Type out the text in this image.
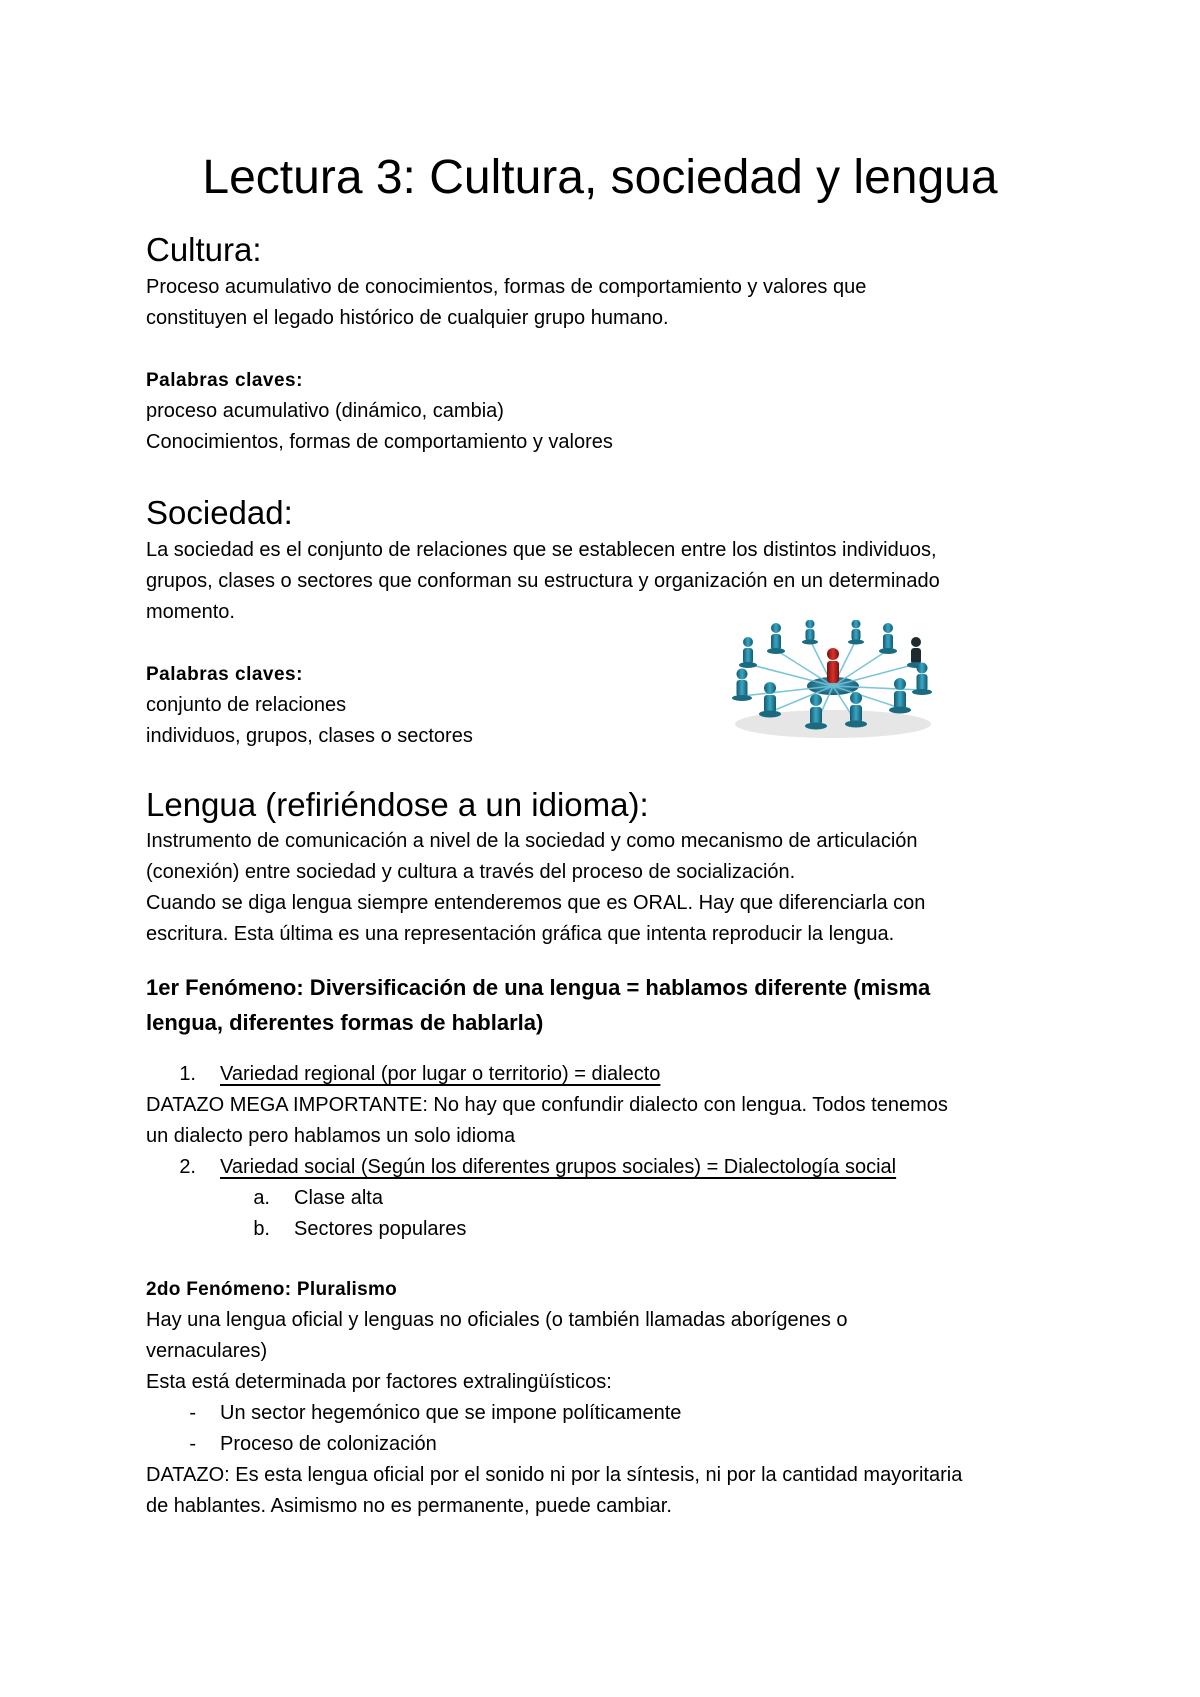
Lectura 3: Cultura, sociedad y lengua
Cultura:

Proceso acumulativo de conocimientos, formas de comportamiento y valores que

constituyen el legado histórico de cualquier grupo humano.

Palabras claves:

proceso acumulativo (dinámico, cambia)

Conocimientos, formas de comportamiento y valores

Sociedad:

La sociedad es el conjunto de relaciones que se establecen entre los distintos individuos,

grupos, clases o sectores que conforman su estructura y organización en un determinado

momento.

Palabras claves:

conjunto de relaciones

individuos, grupos, clases o sectores

Lengua (refiriéndose a un idioma):

Instrumento de comunicación a nivel de la sociedad y como mecanismo de articulación

(conexión) entre sociedad y cultura a través del proceso de socialización.

Cuando se diga lengua siempre entenderemos que es ORAL. Hay que diferenciarla con

escritura. Esta última es una representación gráfica que intenta reproducir la lengua.

1er Fenómeno: Diversificación de una lengua = hablamos diferente (misma

lengua, diferentes formas de hablarla)

1. Variedad regional (por lugar o territorio) = dialecto

DATAZO MEGA IMPORTANTE: No hay que confundir dialecto con lengua. Todos tenemos

un dialecto pero hablamos un solo idioma

2. Variedad social (Según los diferentes grupos sociales) = Dialectología social
a. Clase alta
b. Sectores populares

2do Fenómeno: Pluralismo

Hay una lengua oficial y lenguas no oficiales (o también llamadas aborígenes o

vernaculares)

Esta está determinada por factores extralingüísticos:

- Un sector hegemónico que se impone políticamente
- Proceso de colonización

DATAZO: Es esta lengua oficial por el sonido ni por la síntesis, ni por la cantidad mayoritaria

de hablantes. Asimismo no es permanente, puede cambiar.
